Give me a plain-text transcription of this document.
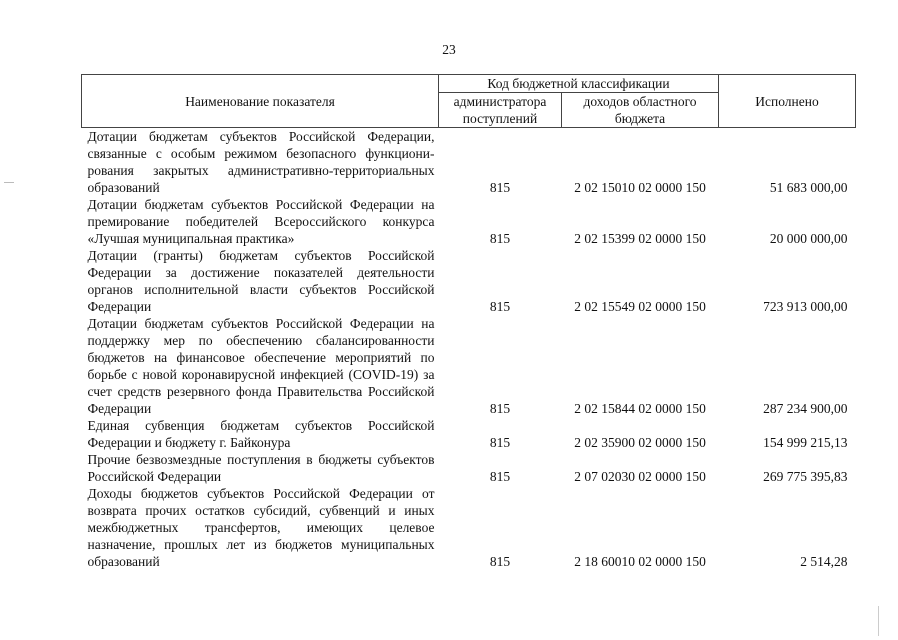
23
Наименование показателя	Код бюджетной классификации		Исполнено
	администратора поступлений	доходов областного бюджета	
Дотации бюджетам субъектов Российской Федерации, связанные с особым режимом безопасного функционирования закрытых административно-территориальных образований	815	2 02 15010 02 0000 150	51 683 000,00
Дотации бюджетам субъектов Российской Федерации на премирование победителей Всероссийского конкурса «Лучшая муниципальная практика»	815	2 02 15399 02 0000 150	20 000 000,00
Дотации (гранты) бюджетам субъектов Российской Федерации за достижение показателей деятельности органов исполнительной власти субъектов Российской Федерации	815	2 02 15549 02 0000 150	723 913 000,00
Дотации бюджетам субъектов Российской Федерации на поддержку мер по обеспечению сбалансированности бюджетов на финансовое обеспечение мероприятий по борьбе с новой коронавирусной инфекцией (COVID-19) за счет средств резервного фонда Правительства Российской Федерации	815	2 02 15844 02 0000 150	287 234 900,00
Единая субвенция бюджетам субъектов Российской Федерации и бюджету г. Байконура	815	2 02 35900 02 0000 150	154 999 215,13
Прочие безвозмездные поступления в бюджеты субъектов Российской Федерации	815	2 07 02030 02 0000 150	269 775 395,83
Доходы бюджетов субъектов Российской Федерации от возврата прочих остатков субсидий, субвенций и иных межбюджетных трансфертов, имеющих целевое назначение, прошлых лет из бюджетов муниципальных образований	815	2 18 60010 02 0000 150	2 514,28
